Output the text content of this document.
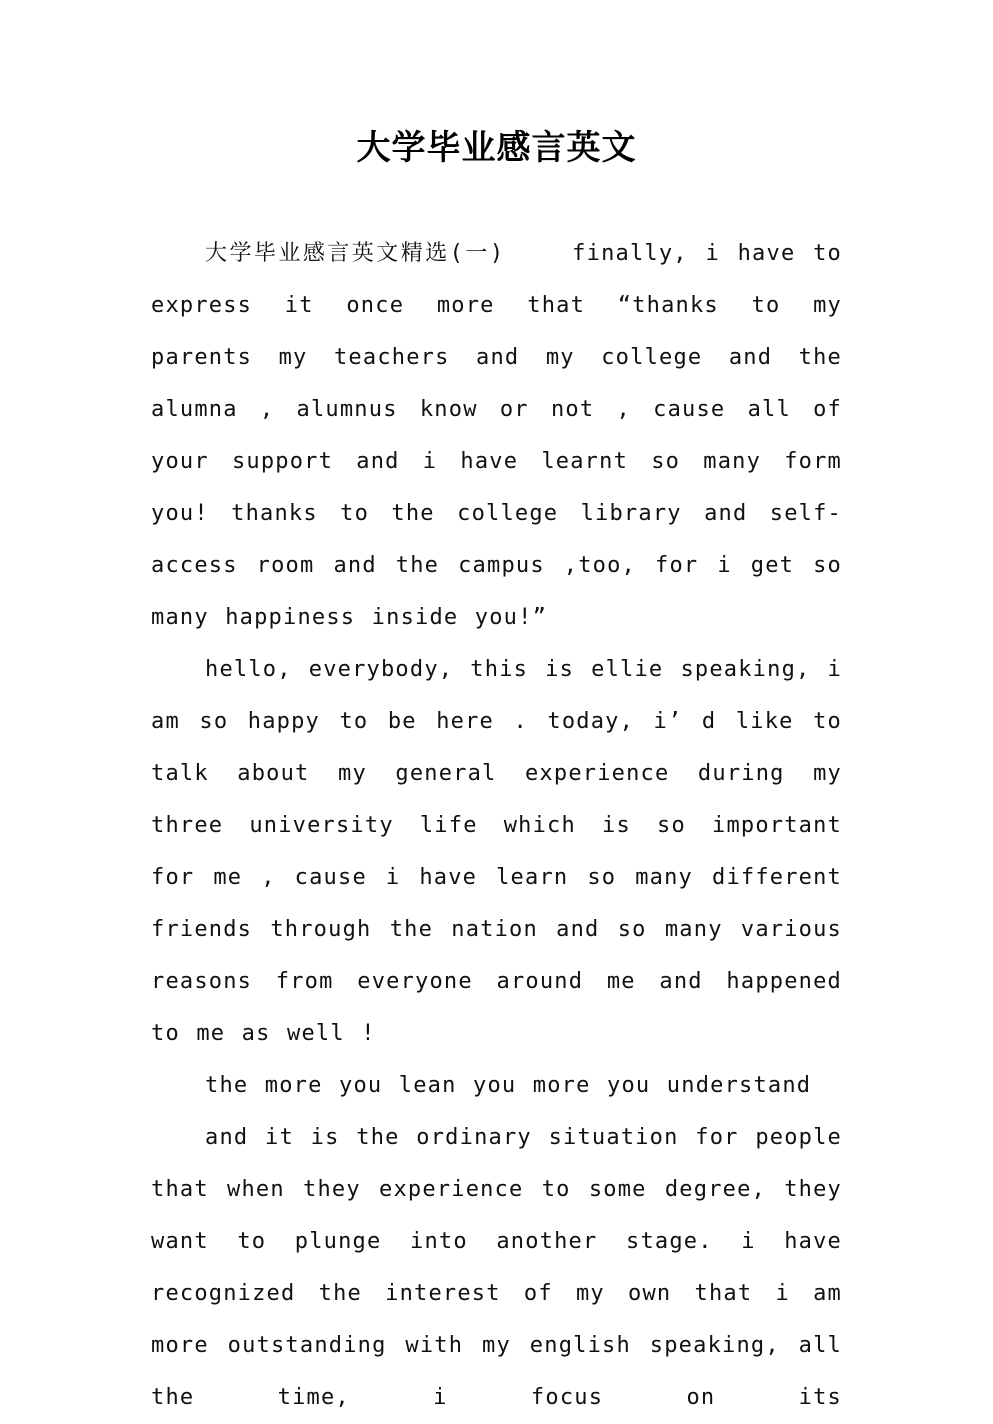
大学毕业感言英文

大学毕业感言英文精选(一)　　 finally, i have to express it once more that “thanks to my parents my teachers and my college and the alumna , alumnus know or not , cause all of your support and i have learnt so many form you! thanks to the college library and self-access room and the campus ,too, for i get so many happiness inside you!”

hello, everybody, this is ellie speaking, i am so happy to be here . today, i’ d like to talk about my general experience during my three university life which is so important for me , cause i have learn so many different friends through the nation and so many various reasons from everyone around me and happened to me as well !

the more you lean you more you understand

and it is the ordinary situation for people that when they experience to some degree, they want to plunge into another stage. i have recognized the interest of my own that i am more outstanding with my english speaking, all the time, i focus on its
